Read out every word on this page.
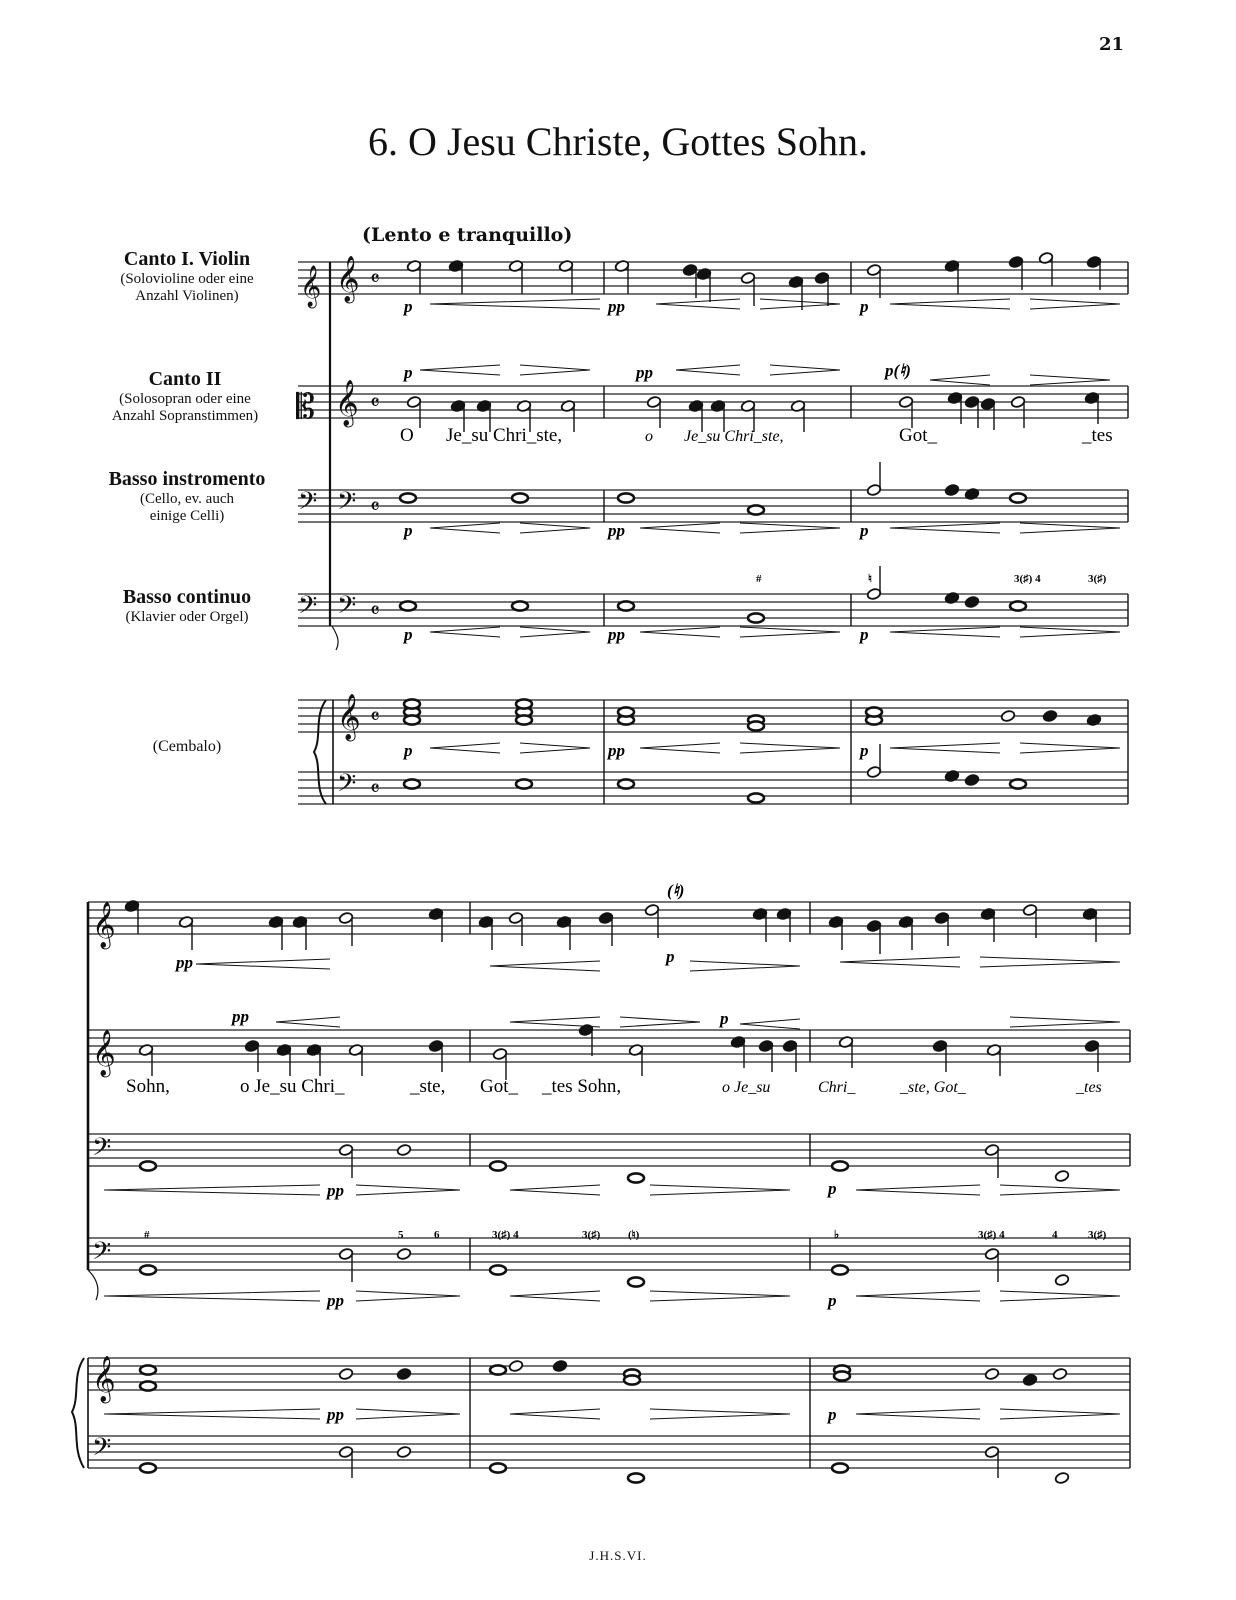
21
6. O Jesu Christe, Gottes Sohn.
(Lento e tranquillo)
Canto I. Violin
(Solovioline oder eine
Anzahl Violinen)
Canto II
(Solosopran oder eine
Anzahl Sopranstimmen)
Basso instromento
(Cello, ev. auch
einige Celli)
Basso continuo
(Klavier oder Orgel)
(Cembalo)
𝄞 𝄞
𝄞
𝄡
𝄢 𝄢
𝄢 𝄢
𝄞
𝄢
𝄴
𝄴
𝄴
𝄴
𝄴
𝄴
𝄞
𝄞
𝄢
𝄢
𝄞
𝄢
O Je_su Chri_ste,	o Je_su Chri_ste,	Got_	_tes
Sohn,	o Je_su Chri_	_ste, Got_ _tes Sohn,	o Je_su	Chri_	_ste, Got_	_tes
p	pp	p
p	pp	p(♮)
p	pp	p
p	pp	p
p	pp	p
#	♮	3(♯) 4	3(♯)
pp
(♮)
p
pp	p
pp	p
pp	p
pp	p
#	5	6	3(♯) 4	3(♯)	(♮)	♭	3(♯) 4	4	3(♯)
J.H.S.VI.
